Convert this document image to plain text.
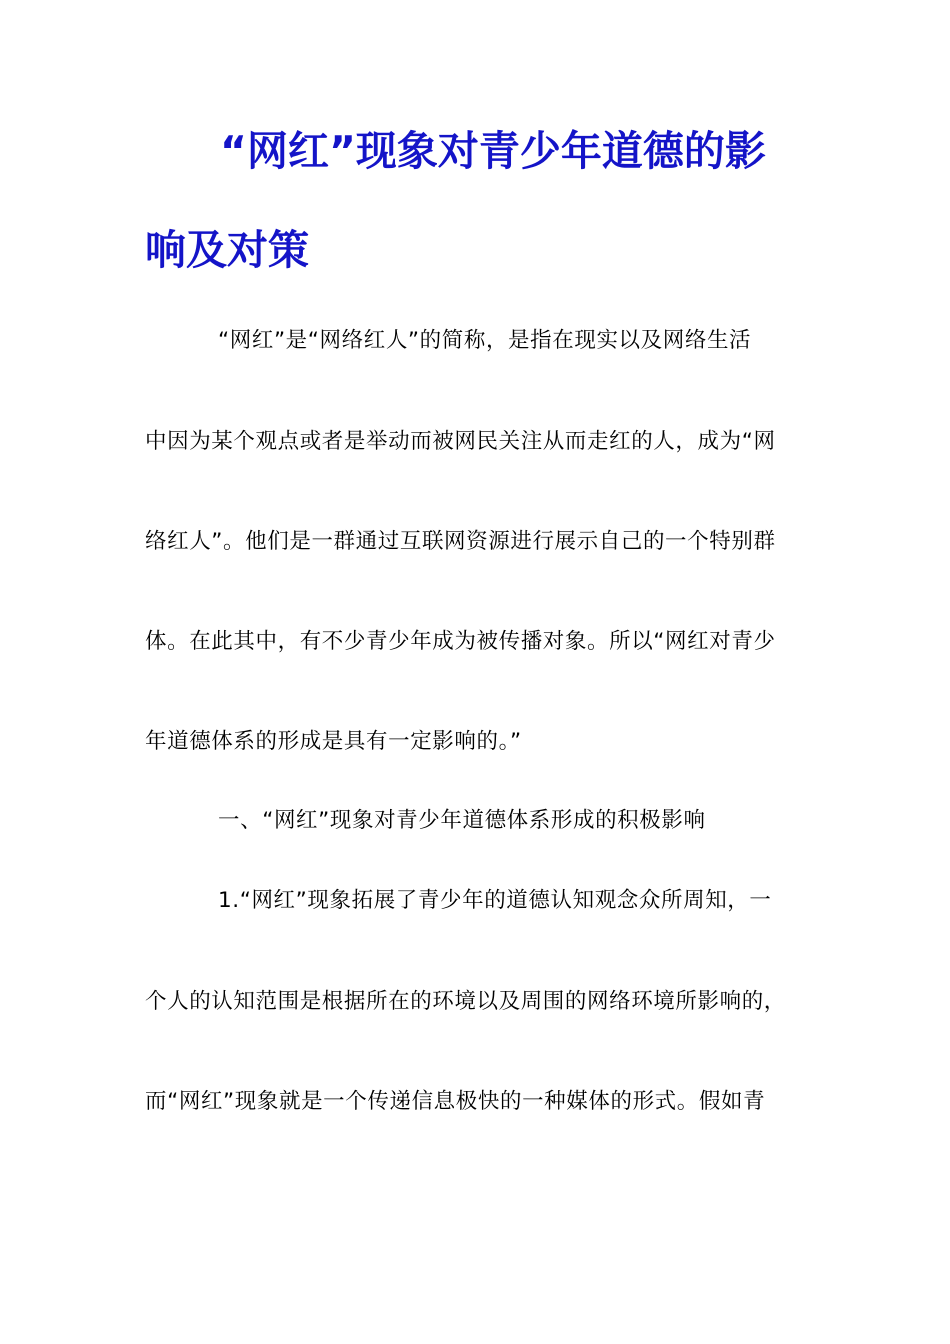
“网红”现象对青少年道德的影
响及对策
“网红”是“网络红人”的简称，是指在现实以及网络生活
中因为某个观点或者是举动而被网民关注从而走红的人，成为“网
络红人”。他们是一群通过互联网资源进行展示自己的一个特别群
体。在此其中，有不少青少年成为被传播对象。所以“网红对青少
年道德体系的形成是具有一定影响的。”
一、“网红”现象对青少年道德体系形成的积极影响
1.“网红”现象拓展了青少年的道德认知观念众所周知，一
个人的认知范围是根据所在的环境以及周围的网络环境所影响的，
而“网红”现象就是一个传递信息极快的一种媒体的形式。假如青
